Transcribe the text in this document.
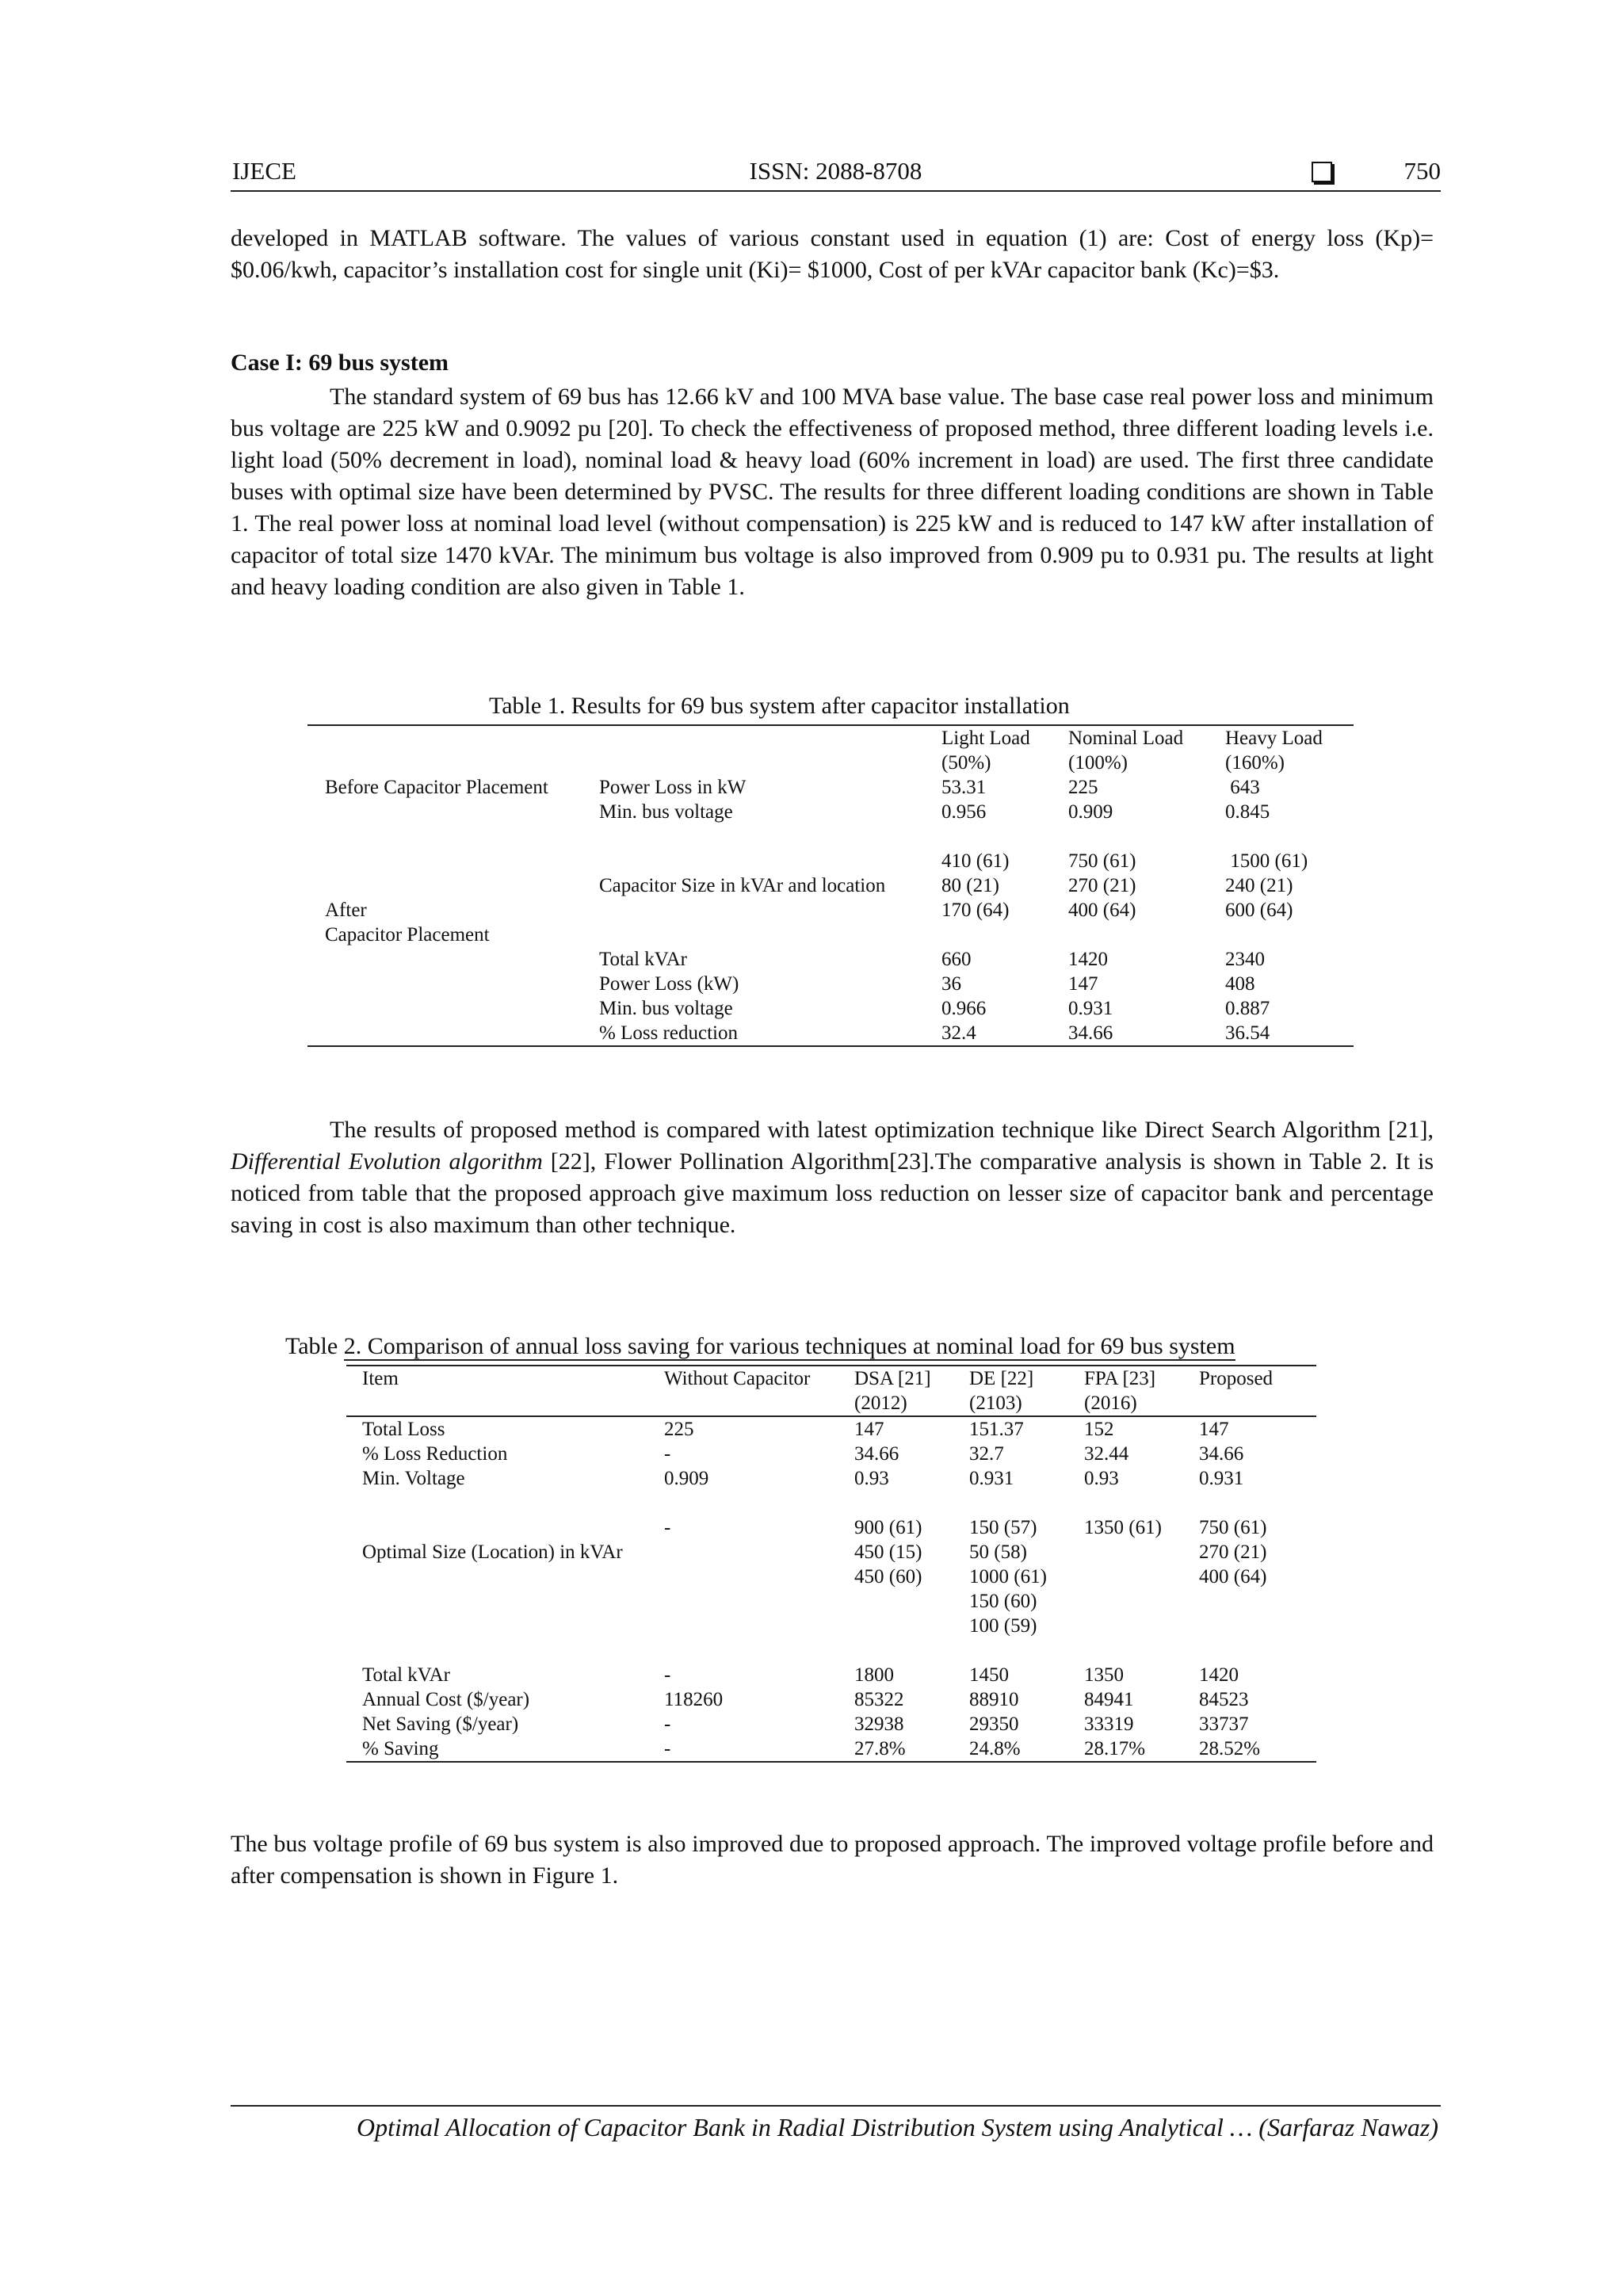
IJECE	ISSN: 2088-8708	750

developed in MATLAB software. The values of various constant used in equation (1) are: Cost of energy loss (Kp)= $0.06/kwh, capacitor’s installation cost for single unit (Ki)= $1000, Cost of per kVAr capacitor bank (Kc)=$3.

Case I: 69 bus system

The standard system of 69 bus has 12.66 kV and 100 MVA base value. The base case real power loss and minimum bus voltage are 225 kW and 0.9092 pu [20]. To check the effectiveness of proposed method, three different loading levels i.e. light load (50% decrement in load), nominal load & heavy load (60% increment in load) are used. The first three candidate buses with optimal size have been determined by PVSC. The results for three different loading conditions are shown in Table 1. The real power loss at nominal load level (without compensation) is 225 kW and is reduced to 147 kW after installation of capacitor of total size 1470 kVAr. The minimum bus voltage is also improved from 0.909 pu to 0.931 pu. The results at light and heavy loading condition are also given in Table 1.

Table 1. Results for 69 bus system after capacitor installation
		Light Load	Nominal Load	Heavy Load
		(50%)	(100%)	(160%)
Before Capacitor Placement	Power Loss in kW	53.31	225	643
	Min. bus voltage	0.956	0.909	0.845

		410 (61)	750 (61)	1500 (61)
	Capacitor Size in kVAr and location	80 (21)	270 (21)	240 (21)
After		170 (64)	400 (64)	600 (64)
Capacitor Placement				
	Total kVAr	660	1420	2340
	Power Loss (kW)	36	147	408
	Min. bus voltage	0.966	0.931	0.887
	% Loss reduction	32.4	34.66	36.54

The results of proposed method is compared with latest optimization technique like Direct Search Algorithm [21], Differential Evolution algorithm [22], Flower Pollination Algorithm[23].The comparative analysis is shown in Table 2. It is noticed from table that the proposed approach give maximum loss reduction on lesser size of capacitor bank and percentage saving in cost is also maximum than other technique.

Table 2. Comparison of annual loss saving for various techniques at nominal load for 69 bus system
Item	Without Capacitor	DSA [21]	DE [22]	FPA [23]	Proposed
		(2012)	(2103)	(2016)	
Total Loss	225	147	151.37	152	147
% Loss Reduction	-	34.66	32.7	32.44	34.66
Min. Voltage	0.909	0.93	0.931	0.93	0.931

	-	900 (61)	150 (57)	1350 (61)	750 (61)
Optimal Size (Location) in kVAr		450 (15)	50 (58)		270 (21)
		450 (60)	1000 (61)		400 (64)
			150 (60)		
			100 (59)		

Total kVAr	-	1800	1450	1350	1420
Annual Cost ($/year)	118260	85322	88910	84941	84523
Net Saving ($/year)	-	32938	29350	33319	33737
% Saving	-	27.8%	24.8%	28.17%	28.52%

The bus voltage profile of 69 bus system is also improved due to proposed approach. The improved voltage profile before and after compensation is shown in Figure 1.

Optimal Allocation of Capacitor Bank in Radial Distribution System using Analytical … (Sarfaraz Nawaz)
